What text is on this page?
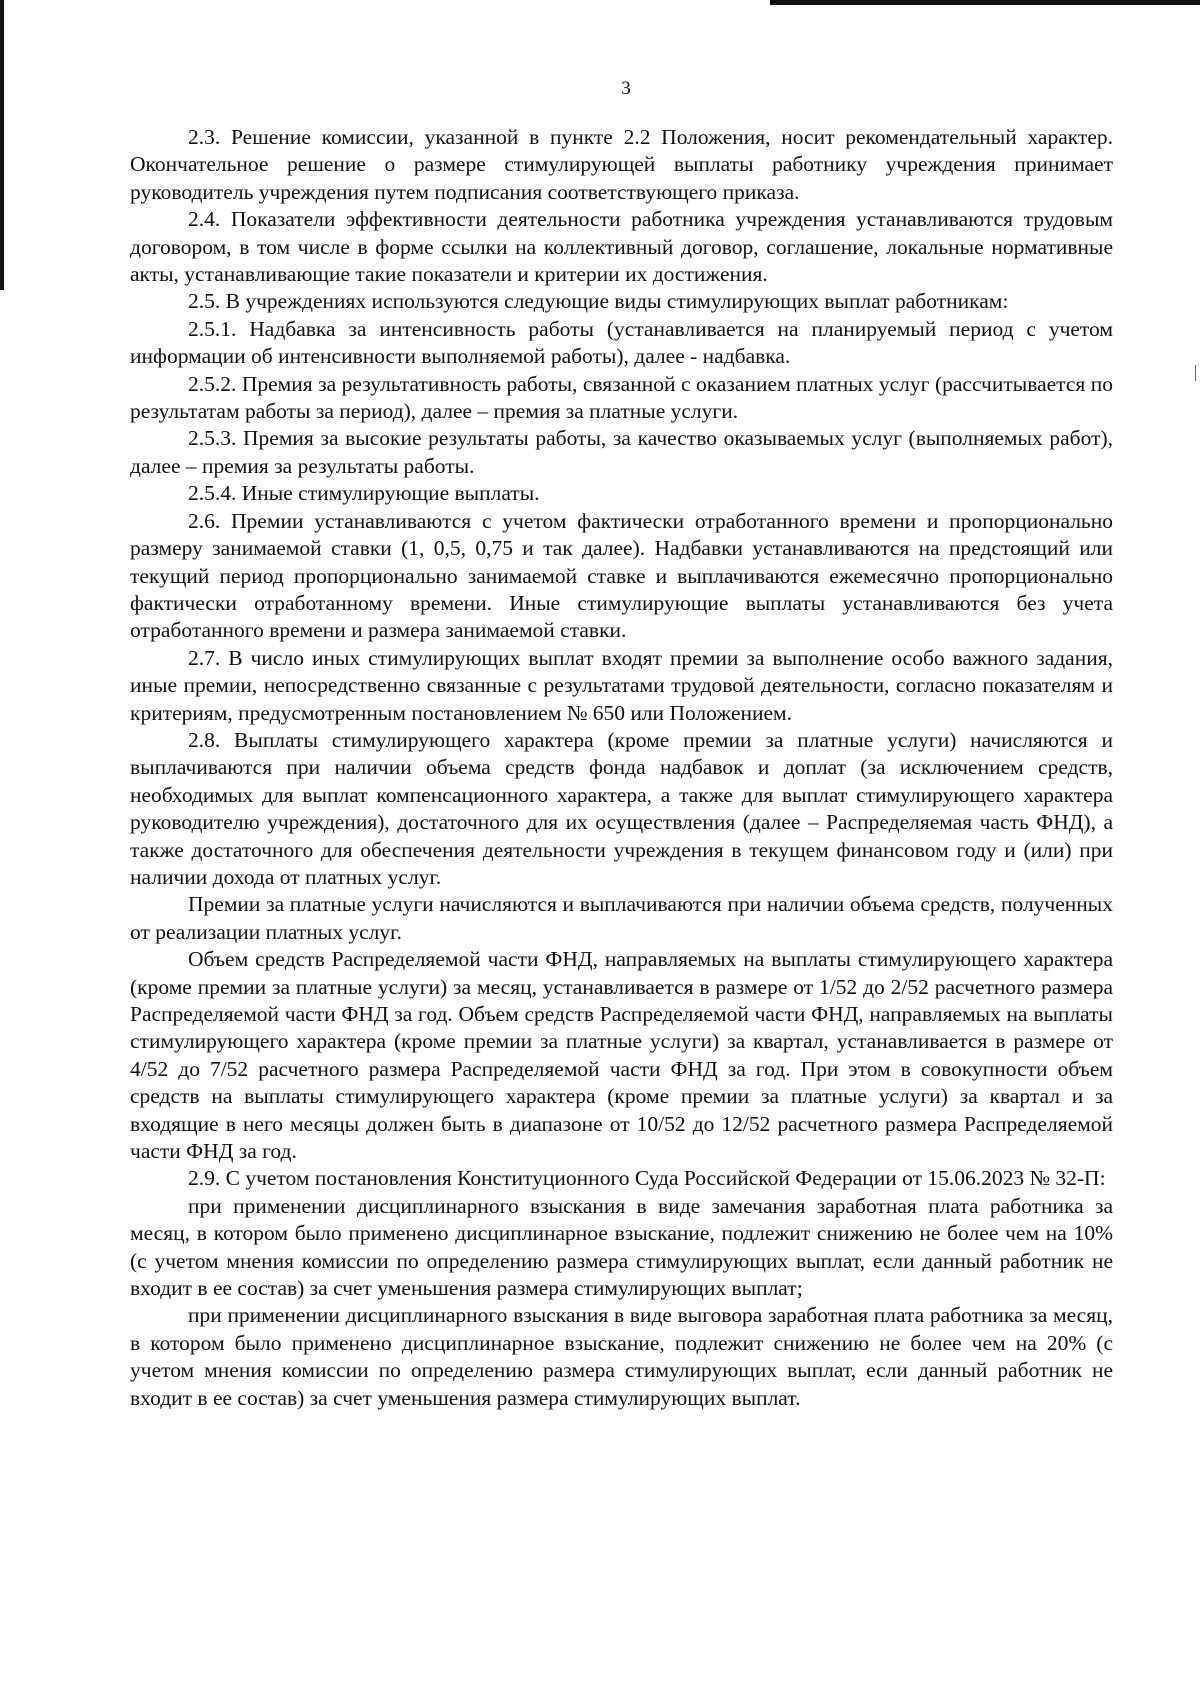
3

2.3. Решение комиссии, указанной в пункте 2.2 Положения, носит рекомендательный характер. Окончательное решение о размере стимулирующей выплаты работнику учреждения принимает руководитель учреждения путем подписания соответствующего приказа.

2.4. Показатели эффективности деятельности работника учреждения устанавливаются трудовым договором, в том числе в форме ссылки на коллективный договор, соглашение, локальные нормативные акты, устанавливающие такие показатели и критерии их достижения.

2.5. В учреждениях используются следующие виды стимулирующих выплат работникам:

2.5.1. Надбавка за интенсивность работы (устанавливается на планируемый период с учетом информации об интенсивности выполняемой работы), далее - надбавка.

2.5.2. Премия за результативность работы, связанной с оказанием платных услуг (рассчитывается по результатам работы за период), далее – премия за платные услуги.

2.5.3. Премия за высокие результаты работы, за качество оказываемых услуг (выполняемых работ), далее – премия за результаты работы.

2.5.4. Иные стимулирующие выплаты.

2.6. Премии устанавливаются с учетом фактически отработанного времени и пропорционально размеру занимаемой ставки (1, 0,5, 0,75 и так далее). Надбавки устанавливаются на предстоящий или текущий период пропорционально занимаемой ставке и выплачиваются ежемесячно пропорционально фактически отработанному времени. Иные стимулирующие выплаты устанавливаются без учета отработанного времени и размера занимаемой ставки.

2.7. В число иных стимулирующих выплат входят премии за выполнение особо важного задания, иные премии, непосредственно связанные с результатами трудовой деятельности, согласно показателям и критериям, предусмотренным постановлением № 650 или Положением.

2.8. Выплаты стимулирующего характера (кроме премии за платные услуги) начисляются и выплачиваются при наличии объема средств фонда надбавок и доплат (за исключением средств, необходимых для выплат компенсационного характера, а также для выплат стимулирующего характера руководителю учреждения), достаточного для их осуществления (далее – Распределяемая часть ФНД), а также достаточного для обеспечения деятельности учреждения в текущем финансовом году и (или) при наличии дохода от платных услуг.

Премии за платные услуги начисляются и выплачиваются при наличии объема средств, полученных от реализации платных услуг.

Объем средств Распределяемой части ФНД, направляемых на выплаты стимулирующего характера (кроме премии за платные услуги) за месяц, устанавливается в размере от 1/52 до 2/52 расчетного размера Распределяемой части ФНД за год. Объем средств Распределяемой части ФНД, направляемых на выплаты стимулирующего характера (кроме премии за платные услуги) за квартал, устанавливается в размере от 4/52 до 7/52 расчетного размера Распределяемой части ФНД за год. При этом в совокупности объем средств на выплаты стимулирующего характера (кроме премии за платные услуги) за квартал и за входящие в него месяцы должен быть в диапазоне от 10/52 до 12/52 расчетного размера Распределяемой части ФНД за год.

2.9. С учетом постановления Конституционного Суда Российской Федерации от 15.06.2023 № 32-П:

при применении дисциплинарного взыскания в виде замечания заработная плата работника за месяц, в котором было применено дисциплинарное взыскание, подлежит снижению не более чем на 10% (с учетом мнения комиссии по определению размера стимулирующих выплат, если данный работник не входит в ее состав) за счет уменьшения размера стимулирующих выплат;

при применении дисциплинарного взыскания в виде выговора заработная плата работника за месяц, в котором было применено дисциплинарное взыскание, подлежит снижению не более чем на 20% (с учетом мнения комиссии по определению размера стимулирующих выплат, если данный работник не входит в ее состав) за счет уменьшения размера стимулирующих выплат.
